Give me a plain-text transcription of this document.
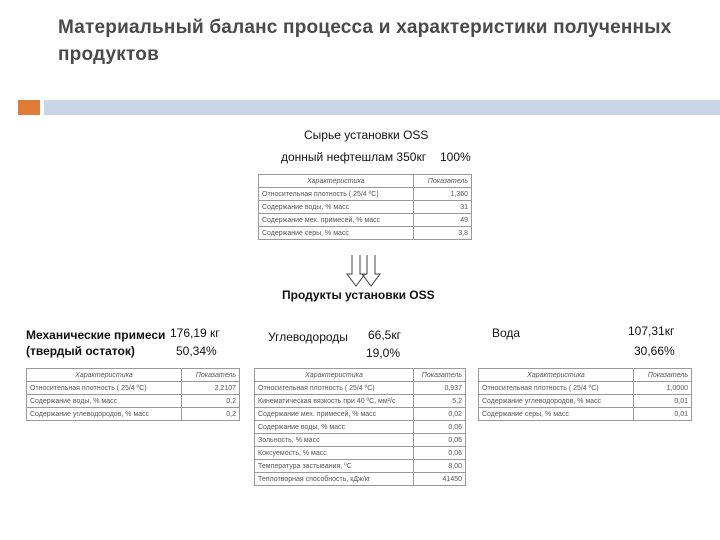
Материальный баланс процесса и характеристики полученных продуктов
Сырье установки OSS
донный нефтешлам 350кг 100%
Характеристика	Показатель
Относительная плотность ( 25/4 ºС)	1,360
Содержание воды, % масс	31
Содержание мех. примесей, % масс	49
Содержание серы, % масс	3,8
Продукты установки OSS
Механические примеси
(твердый остаток)
176,19 кг
50,34%
Характеристика	Показатель
Относительная плотность ( 25/4 ºС)	2,2107
Содержание воды, % масс	0,2
Содержание углеводородов, % масс	0,2
Углеводороды 66,5кг
19,0%
Характеристика	Показатель
Относительная плотность ( 25/4 ºС)	0,937
Кинематическая вязкость при 40 ºС, мм²/с	5,2
Содержание мех. примесей, % масс	0,02
Содержание воды, % масс	0,06
Зольность, % масс	0,06
Коксуемость, % масс	0,06
Температура застывания, ºС	8,00
Теплотворная способность, кДж/кг	41450
Вода	107,31кг
30,66%
Характеристика	Показатель
Относительная плотность ( 25/4 ºС)	1,0000
Содержание углеводородов, % масс	0,01
Содержание серы, % масс	0,01
